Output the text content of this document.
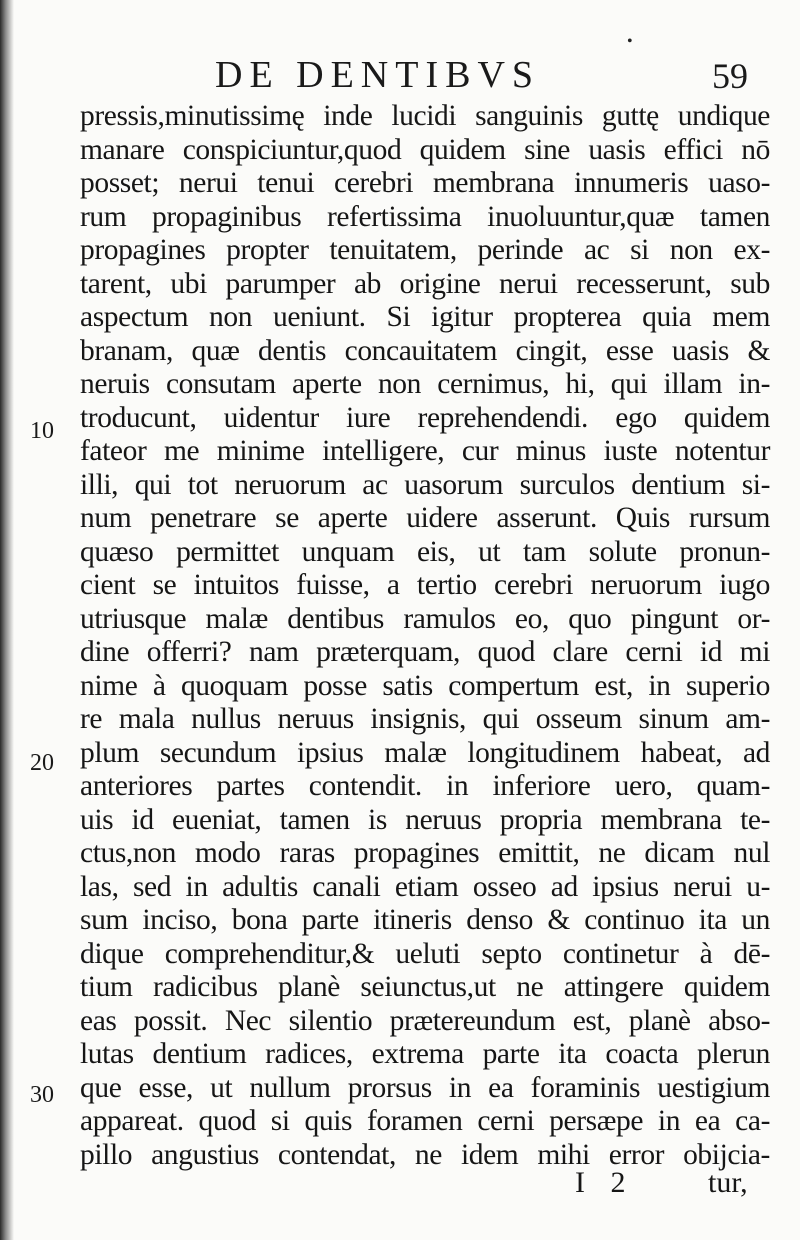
DE DENTIBVS	59
•
pressis,minutissimę inde lucidi sanguinis guttę undique
manare conspiciuntur,quod quidem sine uasis effici nō
posset; nerui tenui cerebri membrana innumeris uaso-
rum propaginibus refertissima inuoluuntur,quæ tamen
propagines propter tenuitatem, perinde ac si non ex-
tarent, ubi parumper ab origine nerui recesserunt, sub
aspectum non ueniunt. Si igitur propterea quia mem
branam, quæ dentis concauitatem cingit, esse uasis &
neruis consutam aperte non cernimus, hi, qui illam in-
troducunt, uidentur iure reprehendendi. ego quidem
fateor me minime intelligere, cur minus iuste notentur
illi, qui tot neruorum ac uasorum surculos dentium si-
num penetrare se aperte uidere asserunt. Quis rursum
quæso permittet unquam eis, ut tam solute pronun-
cient se intuitos fuisse, a tertio cerebri neruorum iugo
utriusque malæ dentibus ramulos eo, quo pingunt or-
dine offerri? nam præterquam, quod clare cerni id mi
nime à quoquam posse satis compertum est, in superio
re mala nullus neruus insignis, qui osseum sinum am-
plum secundum ipsius malæ longitudinem habeat, ad
anteriores partes contendit. in inferiore uero, quam-
uis id eueniat, tamen is neruus propria membrana te-
ctus,non modo raras propagines emittit, ne dicam nul
las, sed in adultis canali etiam osseo ad ipsius nerui u-
sum inciso, bona parte itineris denso & continuo ita un
dique comprehenditur,& ueluti septo continetur à dē-
tium radicibus planè seiunctus,ut ne attingere quidem
eas possit. Nec silentio prætereundum est, planè abso-
lutas dentium radices, extrema parte ita coacta plerun
que esse, ut nullum prorsus in ea foraminis uestigium
appareat. quod si quis foramen cerni persæpe in ea ca-
pillo angustius contendat, ne idem mihi error obijcia-
10
20
30
I 2	tur,
